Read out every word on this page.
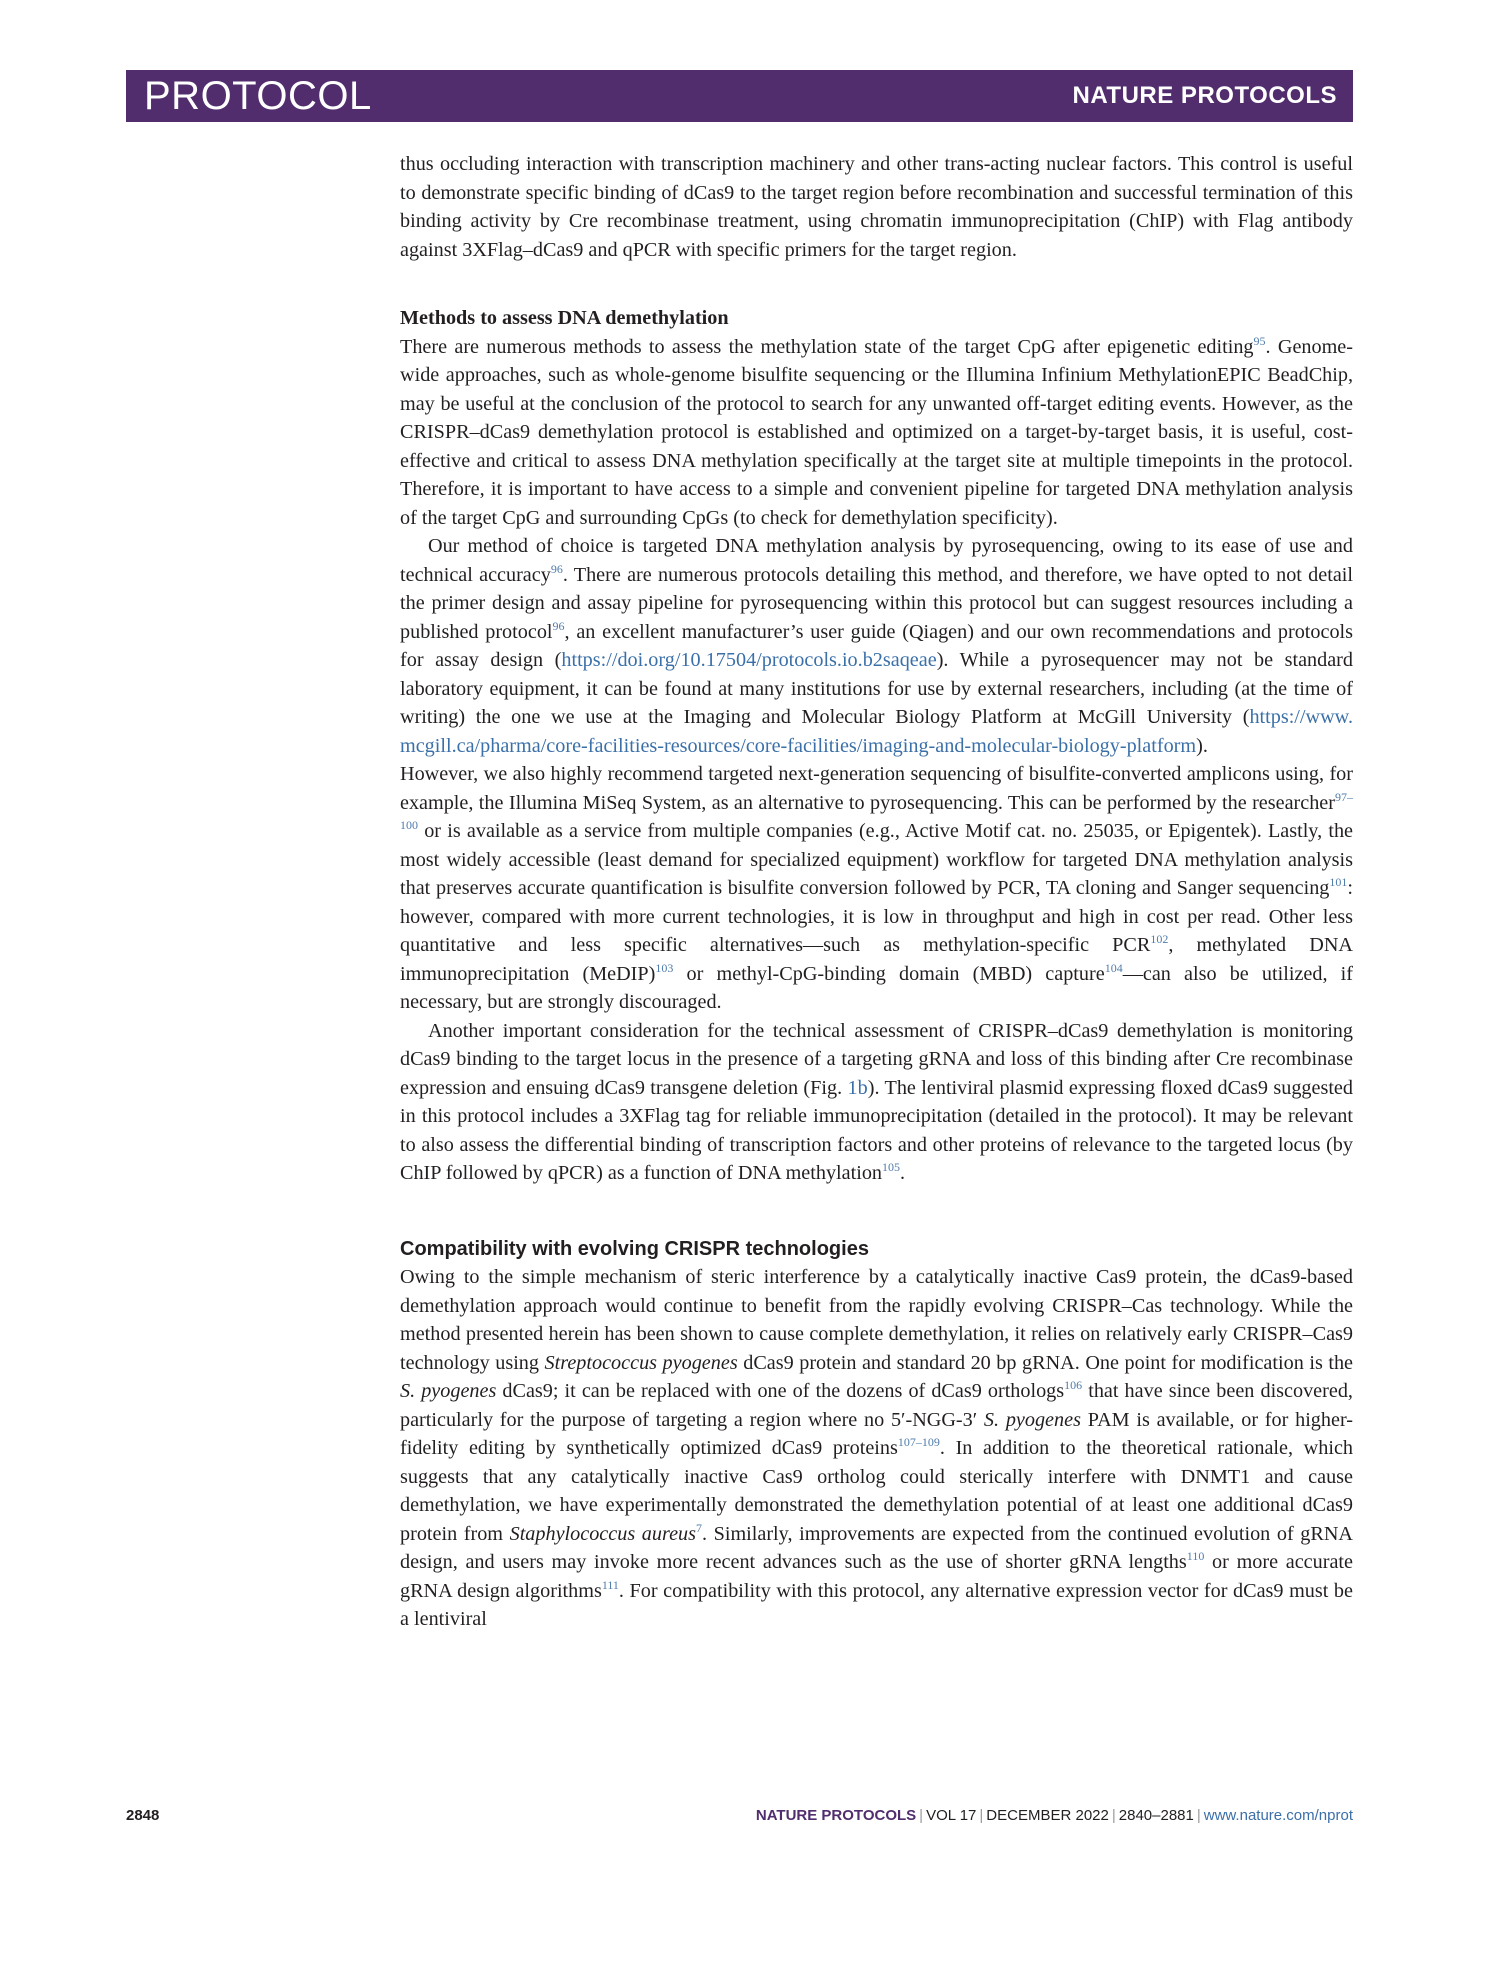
PROTOCOL	NATURE PROTOCOLS

thus occluding interaction with transcription machinery and other trans-acting nuclear factors. This control is useful to demonstrate specific binding of dCas9 to the target region before recombination and successful termination of this binding activity by Cre recombinase treatment, using chromatin immunoprecipitation (ChIP) with Flag antibody against 3XFlag–dCas9 and qPCR with specific primers for the target region.

Methods to assess DNA demethylation

There are numerous methods to assess the methylation state of the target CpG after epigenetic editing$^{95}$. Genome-wide approaches, such as whole-genome bisulfite sequencing or the Illumina Infinium MethylationEPIC BeadChip, may be useful at the conclusion of the protocol to search for any unwanted off-target editing events. However, as the CRISPR–dCas9 demethylation protocol is established and optimized on a target-by-target basis, it is useful, cost-effective and critical to assess DNA methylation specifically at the target site at multiple timepoints in the protocol. Therefore, it is important to have access to a simple and convenient pipeline for targeted DNA methylation analysis of the target CpG and surrounding CpGs (to check for demethylation specificity).

Our method of choice is targeted DNA methylation analysis by pyrosequencing, owing to its ease of use and technical accuracy$^{96}$. There are numerous protocols detailing this method, and therefore, we have opted to not detail the primer design and assay pipeline for pyrosequencing within this protocol but can suggest resources including a published protocol$^{96}$, an excellent manufacturer’s user guide (Qiagen) and our own recommendations and protocols for assay design (https://doi.org/10.​17504/protocols.io.b2saqeae). While a pyrosequencer may not be standard laboratory equipment, it can be found at many institutions for use by external researchers, including (at the time of writing) the one we use at the Imaging and Molecular Biology Platform at McGill University (https://www.​mcgill.ca/pharma/core-facilities-resources/core-facilities/imaging-and-molecular-biology-platform).

However, we also highly recommend targeted next-generation sequencing of bisulfite-converted amplicons using, for example, the Illumina MiSeq System, as an alternative to pyrosequencing. This can be performed by the researcher$^{97-100}$ or is available as a service from multiple companies (e.g., Active Motif cat. no. 25035, or Epigentek). Lastly, the most widely accessible (least demand for specialized equipment) workflow for targeted DNA methylation analysis that preserves accurate quantification is bisulfite conversion followed by PCR, TA cloning and Sanger sequencing$^{101}$: however, compared with more current technologies, it is low in throughput and high in cost per read. Other less quantitative and less specific alternatives—such as methylation-specific PCR$^{102}$, methylated DNA immunoprecipitation (MeDIP)$^{103}$ or methyl-CpG-binding domain (MBD) capture$^{104}$—can also be utilized, if necessary, but are strongly discouraged.

Another important consideration for the technical assessment of CRISPR–dCas9 demethylation is monitoring dCas9 binding to the target locus in the presence of a targeting gRNA and loss of this binding after Cre recombinase expression and ensuing dCas9 transgene deletion (Fig. 1b). The lentiviral plasmid expressing floxed dCas9 suggested in this protocol includes a 3XFlag tag for reliable immunoprecipitation (detailed in the protocol). It may be relevant to also assess the differential binding of transcription factors and other proteins of relevance to the targeted locus (by ChIP followed by qPCR) as a function of DNA methylation$^{105}$.

Compatibility with evolving CRISPR technologies

Owing to the simple mechanism of steric interference by a catalytically inactive Cas9 protein, the dCas9-based demethylation approach would continue to benefit from the rapidly evolving CRISPR–Cas technology. While the method presented herein has been shown to cause complete demethylation, it relies on relatively early CRISPR–Cas9 technology using Streptococcus pyogenes dCas9 protein and standard 20 bp gRNA. One point for modification is the S. pyogenes dCas9; it can be replaced with one of the dozens of dCas9 orthologs$^{106}$ that have since been discovered, particularly for the purpose of targeting a region where no 5′-NGG-3′ S. pyogenes PAM is available, or for higher-fidelity editing by synthetically optimized dCas9 proteins$^{107-109}$. In addition to the theoretical rationale, which suggests that any catalytically inactive Cas9 ortholog could sterically interfere with DNMT1 and cause demethylation, we have experimentally demonstrated the demethylation potential of at least one additional dCas9 protein from Staphylococcus aureus$^7$. Similarly, improvements are expected from the continued evolution of gRNA design, and users may invoke more recent advances such as the use of shorter gRNA lengths$^{110}$ or more accurate gRNA design algorithms$^{111}$. For compatibility with this protocol, any alternative expression vector for dCas9 must be a lentiviral

2848	NATURE PROTOCOLS | VOL 17 | DECEMBER 2022 | 2840–2881 | www.nature.com/nprot
